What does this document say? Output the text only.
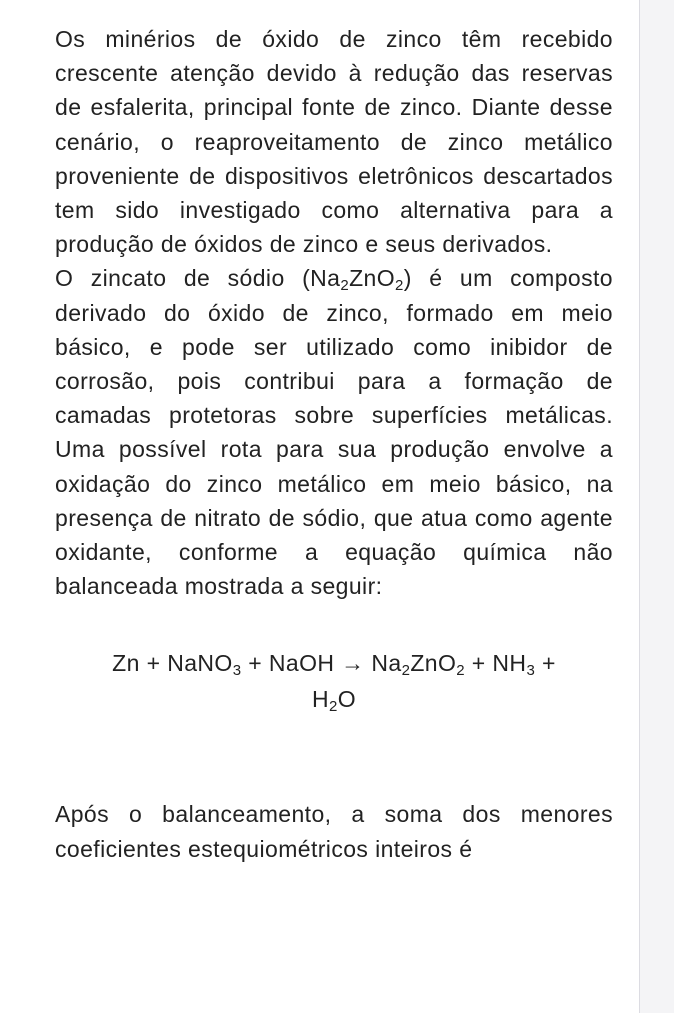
Os minérios de óxido de zinco têm recebido crescente atenção devido à redução das reservas de esfalerita, principal fonte de zinco. Diante desse cenário, o reaproveitamento de zinco metálico proveniente de dispositivos eletrônicos descartados tem sido investigado como alternativa para a produção de óxidos de zinco e seus derivados.

O zincato de sódio $(Na_2ZnO_2)$ é um composto derivado do óxido de zinco, formado em meio básico, e pode ser utilizado como inibidor de corrosão, pois contribui para a formação de camadas protetoras sobre superfícies metálicas. Uma possível rota para sua produção envolve a oxidação do zinco metálico em meio básico, na presença de nitrato de sódio, que atua como agente oxidante, conforme a equação química não balanceada mostrada a seguir:

Zn + NaNO$_3$ + NaOH → $Na_2ZnO_2 + NH_3$ +
$H_2O$

Após o balanceamento, a soma dos menores coeficientes estequiométricos inteiros é
